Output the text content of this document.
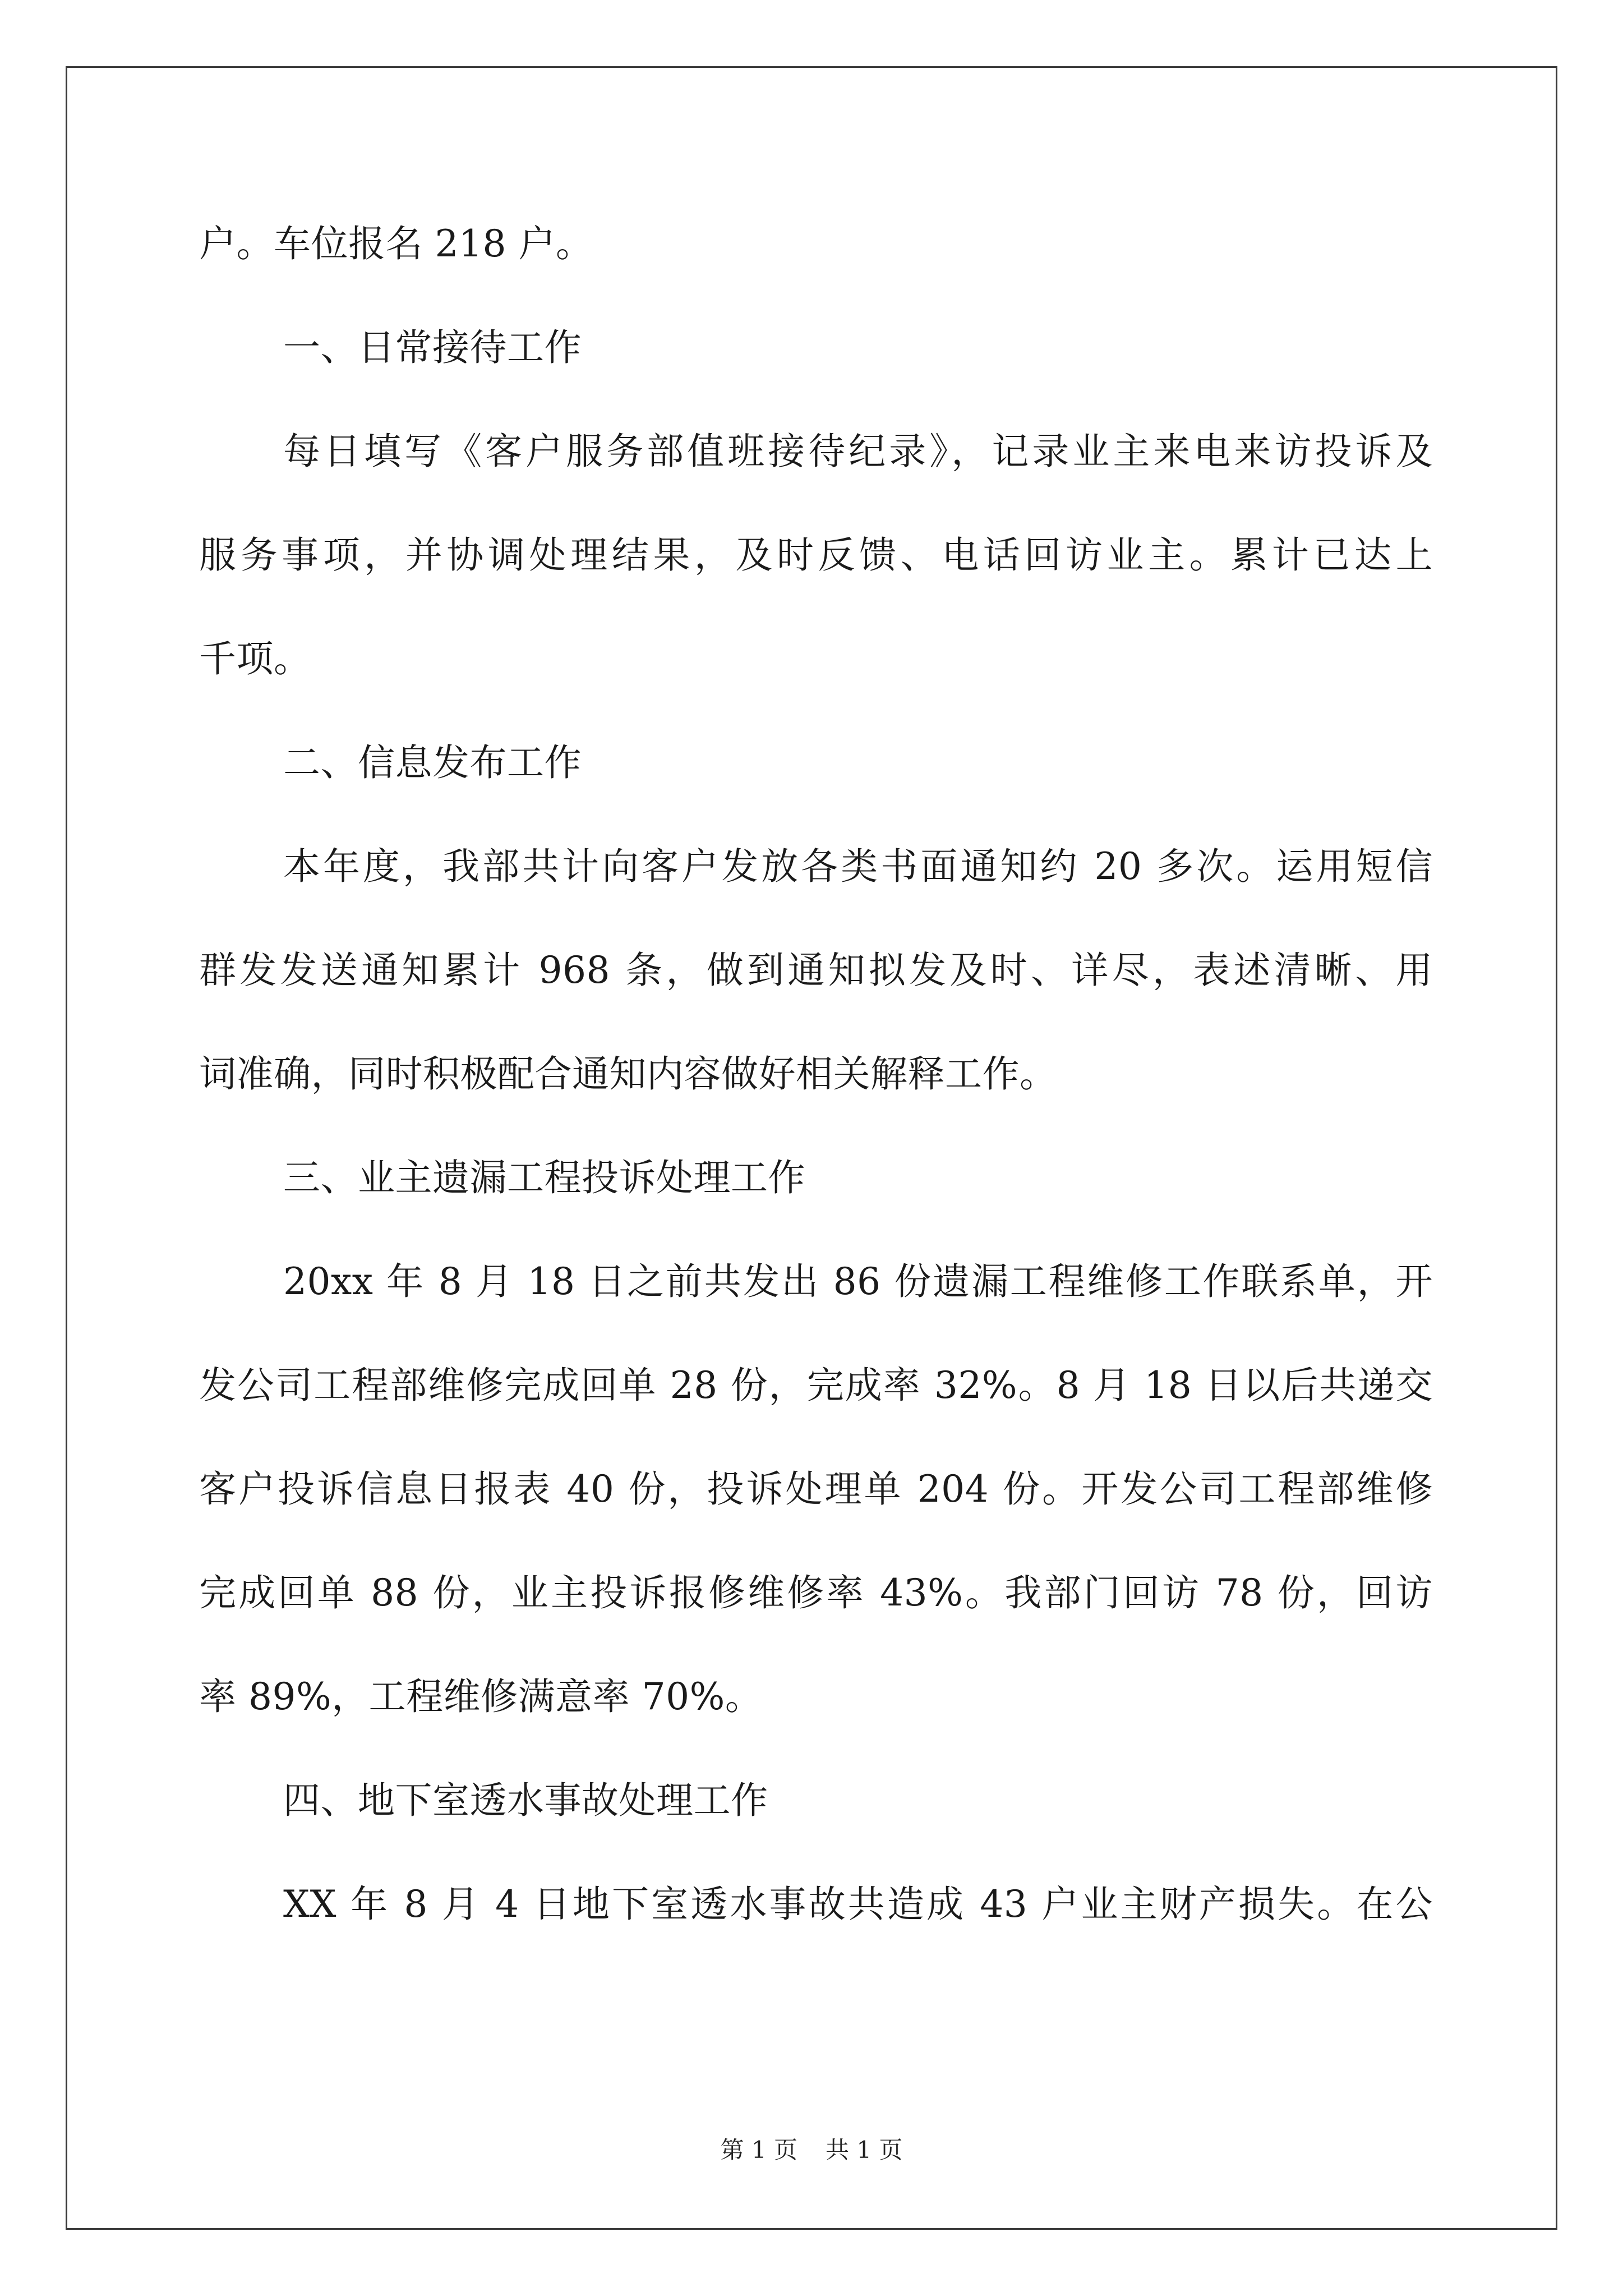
户。车位报名 218 户。
一、日常接待工作
每日填写《客户服务部值班接待纪录》，记录业主来电来访投诉及
服务事项，并协调处理结果，及时反馈、电话回访业主。累计已达上
千项。
二、信息发布工作
本年度，我部共计向客户发放各类书面通知约 20 多次。运用短信
群发发送通知累计 968 条，做到通知拟发及时、详尽，表述清晰、用
词准确，同时积极配合通知内容做好相关解释工作。
三、业主遗漏工程投诉处理工作
20xx 年 8 月 18 日之前共发出 86 份遗漏工程维修工作联系单，开
发公司工程部维修完成回单 28 份，完成率 32%。8 月 18 日以后共递交
客户投诉信息日报表 40 份，投诉处理单 204 份。开发公司工程部维修
完成回单 88 份，业主投诉报修维修率 43%。我部门回访 78 份，回访
率 89%，工程维修满意率 70%。
四、地下室透水事故处理工作
XX 年 8 月 4 日地下室透水事故共造成 43 户业主财产损失。在公
第 1 页 共 1 页
